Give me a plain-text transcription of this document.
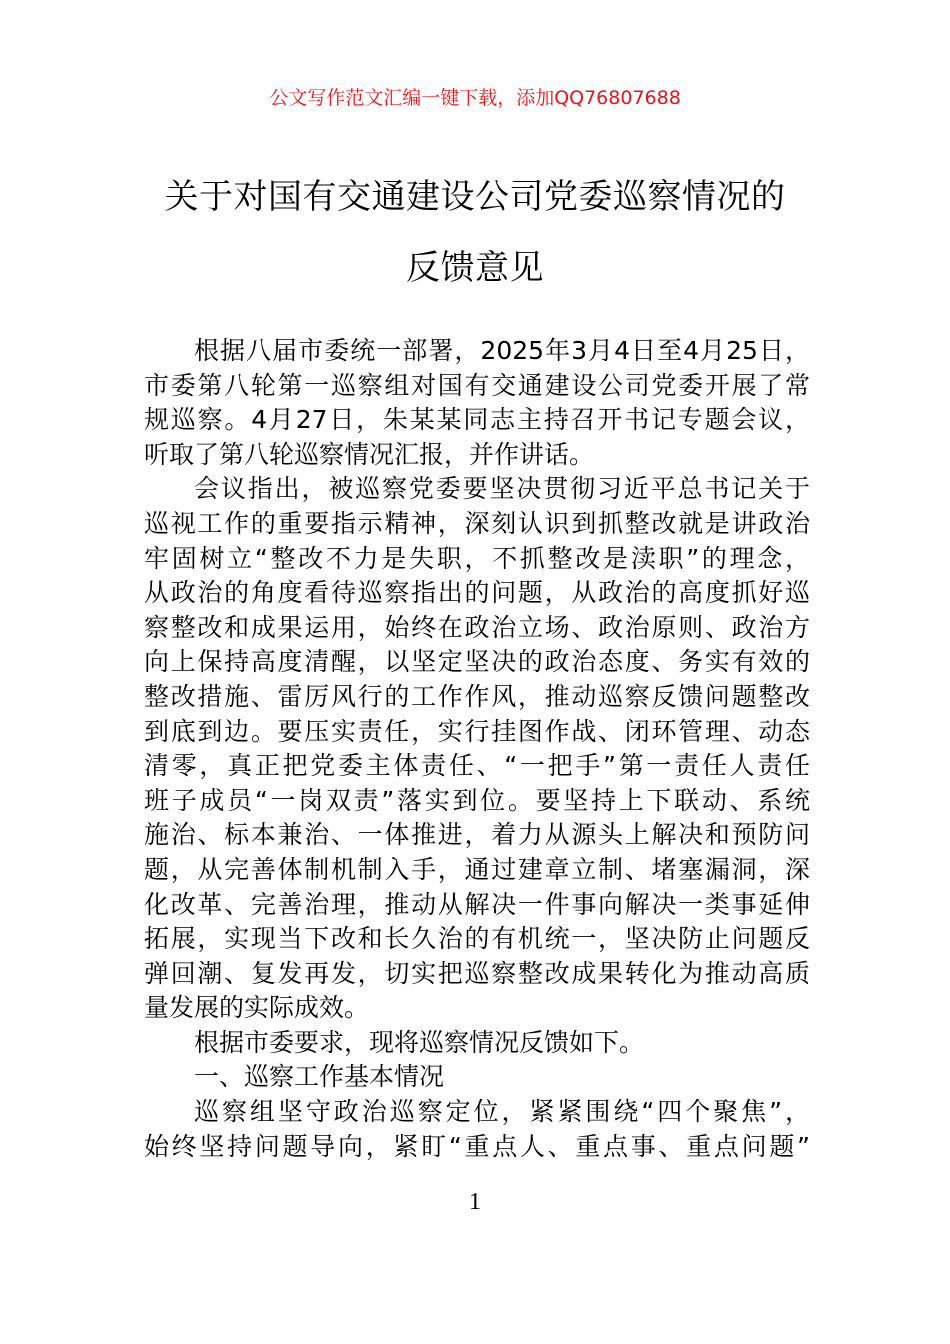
公文写作范文汇编一键下载，添加QQ76807688
关于对国有交通建设公司党委巡察情况的
反馈意见
根据八届市委统一部署，2025年3月4日至4月25日，
市委第八轮第一巡察组对国有交通建设公司党委开展了常
规巡察。4月27日，朱某某同志主持召开书记专题会议，
听取了第八轮巡察情况汇报，并作讲话。
会议指出，被巡察党委要坚决贯彻习近平总书记关于
巡视工作的重要指示精神，深刻认识到抓整改就是讲政治
牢固树立“整改不力是失职，不抓整改是渎职”的理念，
从政治的角度看待巡察指出的问题，从政治的高度抓好巡
察整改和成果运用，始终在政治立场、政治原则、政治方
向上保持高度清醒，以坚定坚决的政治态度、务实有效的
整改措施、雷厉风行的工作作风，推动巡察反馈问题整改
到底到边。要压实责任，实行挂图作战、闭环管理、动态
清零，真正把党委主体责任、“一把手”第一责任人责任
班子成员“一岗双责”落实到位。要坚持上下联动、系统
施治、标本兼治、一体推进，着力从源头上解决和预防问
题，从完善体制机制入手，通过建章立制、堵塞漏洞，深
化改革、完善治理，推动从解决一件事向解决一类事延伸
拓展，实现当下改和长久治的有机统一，坚决防止问题反
弹回潮、复发再发，切实把巡察整改成果转化为推动高质
量发展的实际成效。
根据市委要求，现将巡察情况反馈如下。
一、巡察工作基本情况
巡察组坚守政治巡察定位，紧紧围绕“四个聚焦”，
始终坚持问题导向，紧盯“重点人、重点事、重点问题”
1
